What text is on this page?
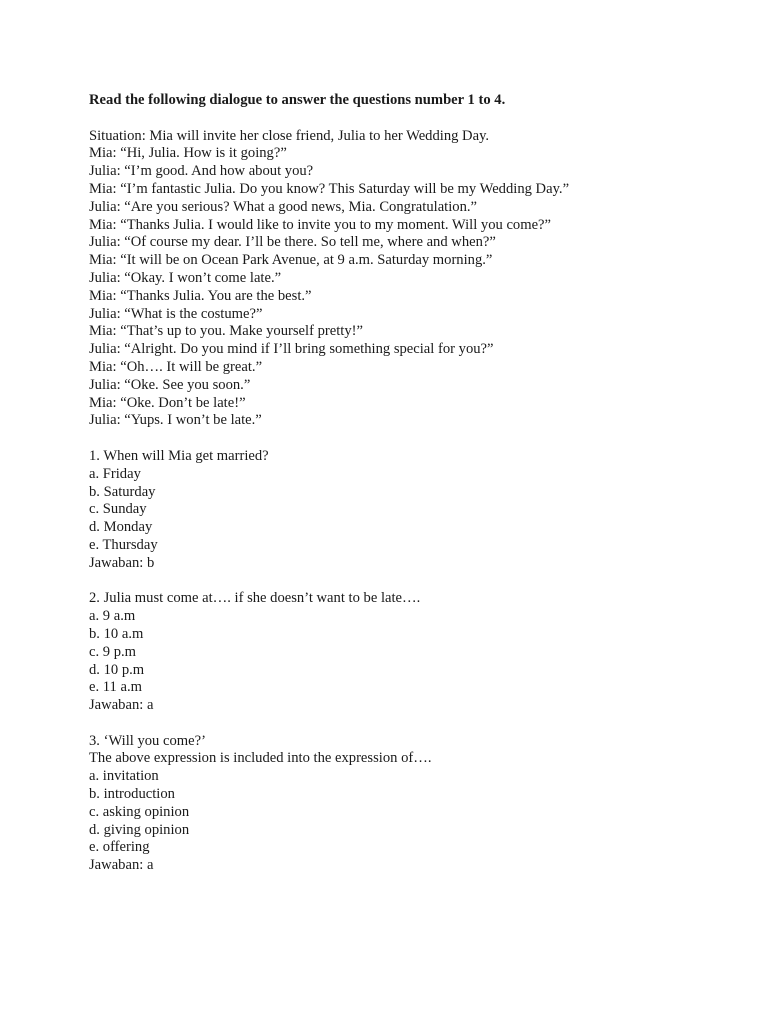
Read the following dialogue to answer the questions number 1 to 4.

Situation: Mia will invite her close friend, Julia to her Wedding Day.
Mia: “Hi, Julia. How is it going?”
Julia: “I’m good. And how about you?
Mia: “I’m fantastic Julia. Do you know? This Saturday will be my Wedding Day.”
Julia: “Are you serious? What a good news, Mia. Congratulation.”
Mia: “Thanks Julia. I would like to invite you to my moment. Will you come?”
Julia: “Of course my dear. I’ll be there. So tell me, where and when?”
Mia: “It will be on Ocean Park Avenue, at 9 a.m. Saturday morning.”
Julia: “Okay. I won’t come late.”
Mia: “Thanks Julia. You are the best.”
Julia: “What is the costume?”
Mia: “That’s up to you. Make yourself pretty!”
Julia: “Alright. Do you mind if I’ll bring something special for you?”
Mia: “Oh…. It will be great.”
Julia: “Oke. See you soon.”
Mia: “Oke. Don’t be late!”
Julia: “Yups. I won’t be late.”
1. When will Mia get married?
a. Friday
b. Saturday
c. Sunday
d. Monday
e. Thursday
Jawaban: b
2. Julia must come at…. if she doesn’t want to be late….
a. 9 a.m
b. 10 a.m
c. 9 p.m
d. 10 p.m
e. 11 a.m
Jawaban: a
3. ‘Will you come?’
The above expression is included into the expression of….
a. invitation
b. introduction
c. asking opinion
d. giving opinion
e. offering
Jawaban: a
